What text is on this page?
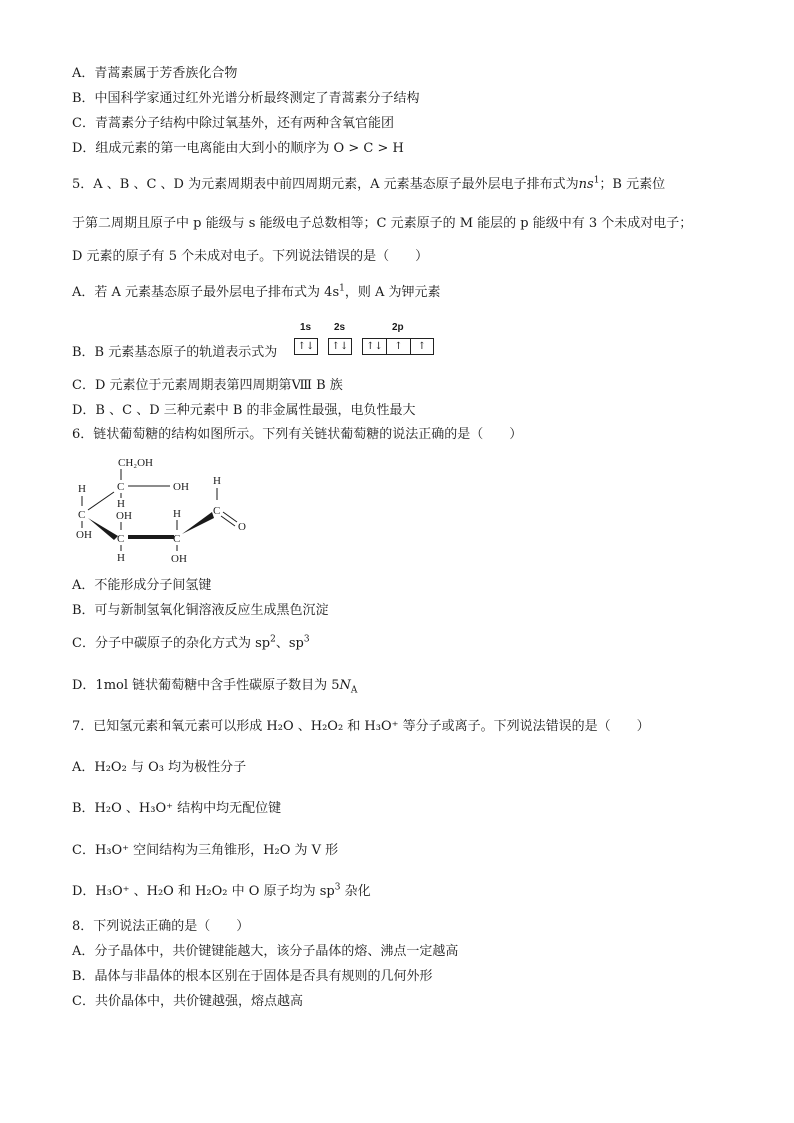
A．青蒿素属于芳香族化合物
B．中国科学家通过红外光谱分析最终测定了青蒿素分子结构
C．青蒿素分子结构中除过氧基外，还有两种含氧官能团
D．组成元素的第一电离能由大到小的顺序为 O > C > H
5．A 、B 、C 、D 为元素周期表中前四周期元素，A 元素基态原子最外层电子排布式为$ns^1$；B 元素位
于第二周期且原子中 p 能级与 s 能级电子总数相等；C 元素原子的 M 能层的 p 能级中有 3 个未成对电子；
D 元素的原子有 5 个未成对电子。下列说法错误的是（　　）
A．若 A 元素基态原子最外层电子排布式为 $4s^1$，则 A 为钾元素
B．B 元素基态原子的轨道表示式为
1s 2s	2p
↑↓ ↑↓	↑↓	↑	↑
C．D 元素位于元素周期表第四周期第Ⅷ B 族
D．B 、C 、D 三种元素中 B 的非金属性最强，电负性最大
6．链状葡萄糖的结构如图所示。下列有关链状葡萄糖的说法正确的是（　　）
CH₂OH
C	OH
H
H
C
OH
OH
C
H
H
C
OH
H
C
O
A．不能形成分子间氢键
B．可与新制氢氧化铜溶液反应生成黑色沉淀
C．分子中碳原子的杂化方式为 $sp^2$、$sp^3$
D．1mol 链状葡萄糖中含手性碳原子数目为 $5N_A$
7．已知氢元素和氧元素可以形成 H₂O 、H₂O₂ 和 H₃O⁺ 等分子或离子。下列说法错误的是（　　）
A．H₂O₂ 与 O₃ 均为极性分子
B．H₂O 、H₃O⁺ 结构中均无配位键
C．H₃O⁺ 空间结构为三角锥形，H₂O 为 V 形
D．H₃O⁺ 、H₂O 和 H₂O₂ 中 O 原子均为 $sp^3$ 杂化
8．下列说法正确的是（　　）
A．分子晶体中，共价键键能越大，该分子晶体的熔、沸点一定越高
B．晶体与非晶体的根本区别在于固体是否具有规则的几何外形
C．共价晶体中，共价键越强，熔点越高
